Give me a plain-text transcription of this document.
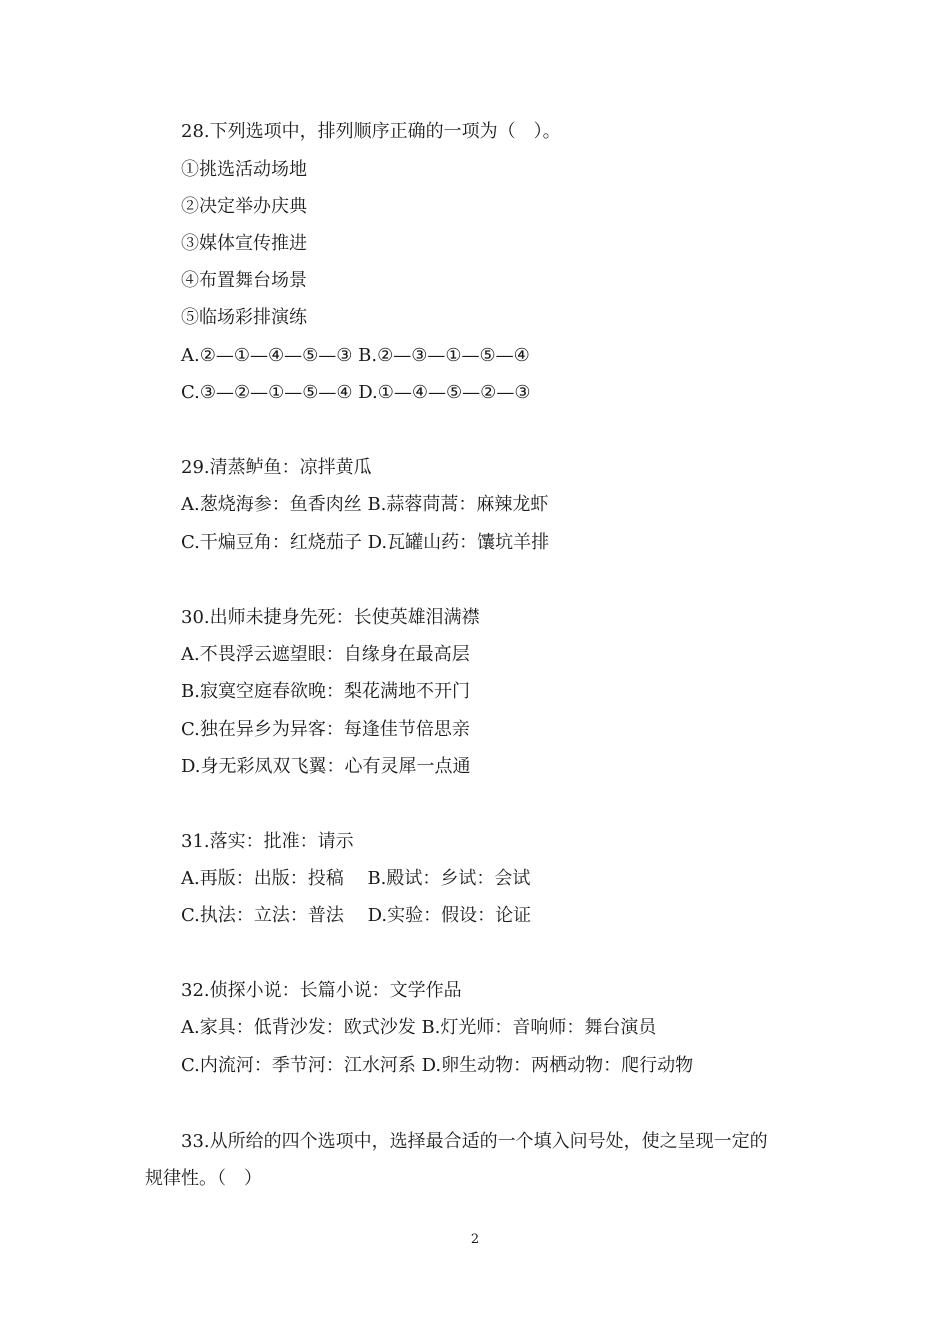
28.下列选项中，排列顺序正确的一项为（　）。
①挑选活动场地
②决定举办庆典
③媒体宣传推进
④布置舞台场景
⑤临场彩排演练
A.②—①—④—⑤—③ B.②—③—①—⑤—④
C.③—②—①—⑤—④ D.①—④—⑤—②—③
29.清蒸鲈鱼：凉拌黄瓜
A.葱烧海参：鱼香肉丝 B.蒜蓉茼蒿：麻辣龙虾
C.干煸豆角：红烧茄子 D.瓦罐山药：馕坑羊排
30.出师未捷身先死：长使英雄泪满襟
A.不畏浮云遮望眼：自缘身在最高层
B.寂寞空庭春欲晚：梨花满地不开门
C.独在异乡为异客：每逢佳节倍思亲
D.身无彩凤双飞翼：心有灵犀一点通
31.落实：批准：请示
A.再版：出版：投稿　 B.殿试：乡试：会试
C.执法：立法：普法　 D.实验：假设：论证
32.侦探小说：长篇小说：文学作品
A.家具：低背沙发：欧式沙发 B.灯光师：音响师：舞台演员
C.内流河：季节河：江水河系 D.卵生动物：两栖动物：爬行动物
33.从所给的四个选项中，选择最合适的一个填入问号处，使之呈现一定的
规律性。（　）
2
